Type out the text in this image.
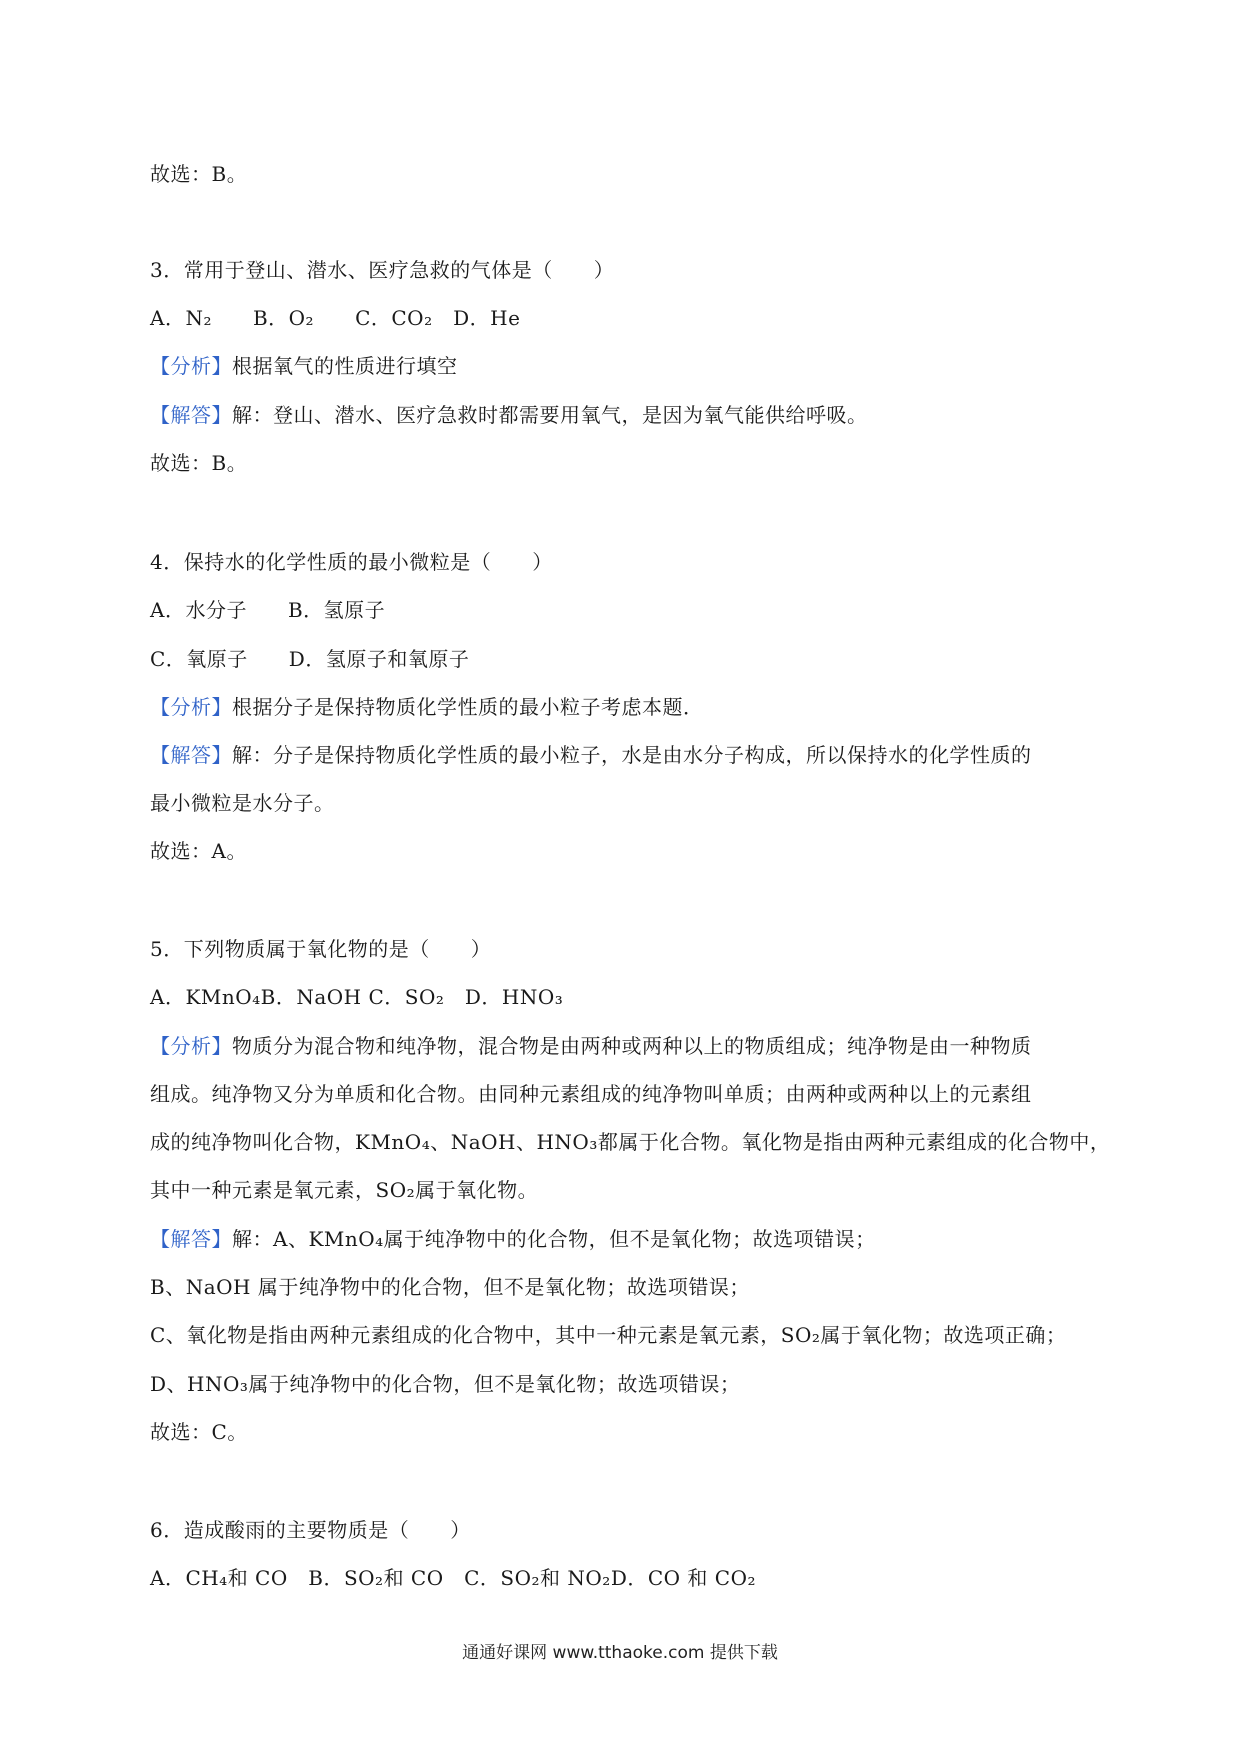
故选：B。
3．常用于登山、潜水、医疗急救的气体是（　　）
A．N₂　　B．O₂　　C．CO₂　D．He
【分析】根据氧气的性质进行填空
【解答】解：登山、潜水、医疗急救时都需要用氧气，是因为氧气能供给呼吸。
故选：B。
4．保持水的化学性质的最小微粒是（　　）
A．水分子　　B．氢原子
C．氧原子　　D．氢原子和氧原子
【分析】根据分子是保持物质化学性质的最小粒子考虑本题．
【解答】解：分子是保持物质化学性质的最小粒子，水是由水分子构成，所以保持水的化学性质的
最小微粒是水分子。
故选：A。
5．下列物质属于氧化物的是（　　）
A．KMnO₄B．NaOH C．SO₂　D．HNO₃
【分析】物质分为混合物和纯净物，混合物是由两种或两种以上的物质组成；纯净物是由一种物质
组成。纯净物又分为单质和化合物。由同种元素组成的纯净物叫单质；由两种或两种以上的元素组
成的纯净物叫化合物，KMnO₄、NaOH、HNO₃都属于化合物。氧化物是指由两种元素组成的化合物中，
其中一种元素是氧元素，SO₂属于氧化物。
【解答】解：A、KMnO₄属于纯净物中的化合物，但不是氧化物；故选项错误；
B、NaOH 属于纯净物中的化合物，但不是氧化物；故选项错误；
C、氧化物是指由两种元素组成的化合物中，其中一种元素是氧元素，SO₂属于氧化物；故选项正确；
D、HNO₃属于纯净物中的化合物，但不是氧化物；故选项错误；
故选：C。
6．造成酸雨的主要物质是（　　）
A．CH₄和 CO　B．SO₂和 CO　C．SO₂和 NO₂D．CO 和 CO₂
通通好课网 www.tthaoke.com 提供下载
